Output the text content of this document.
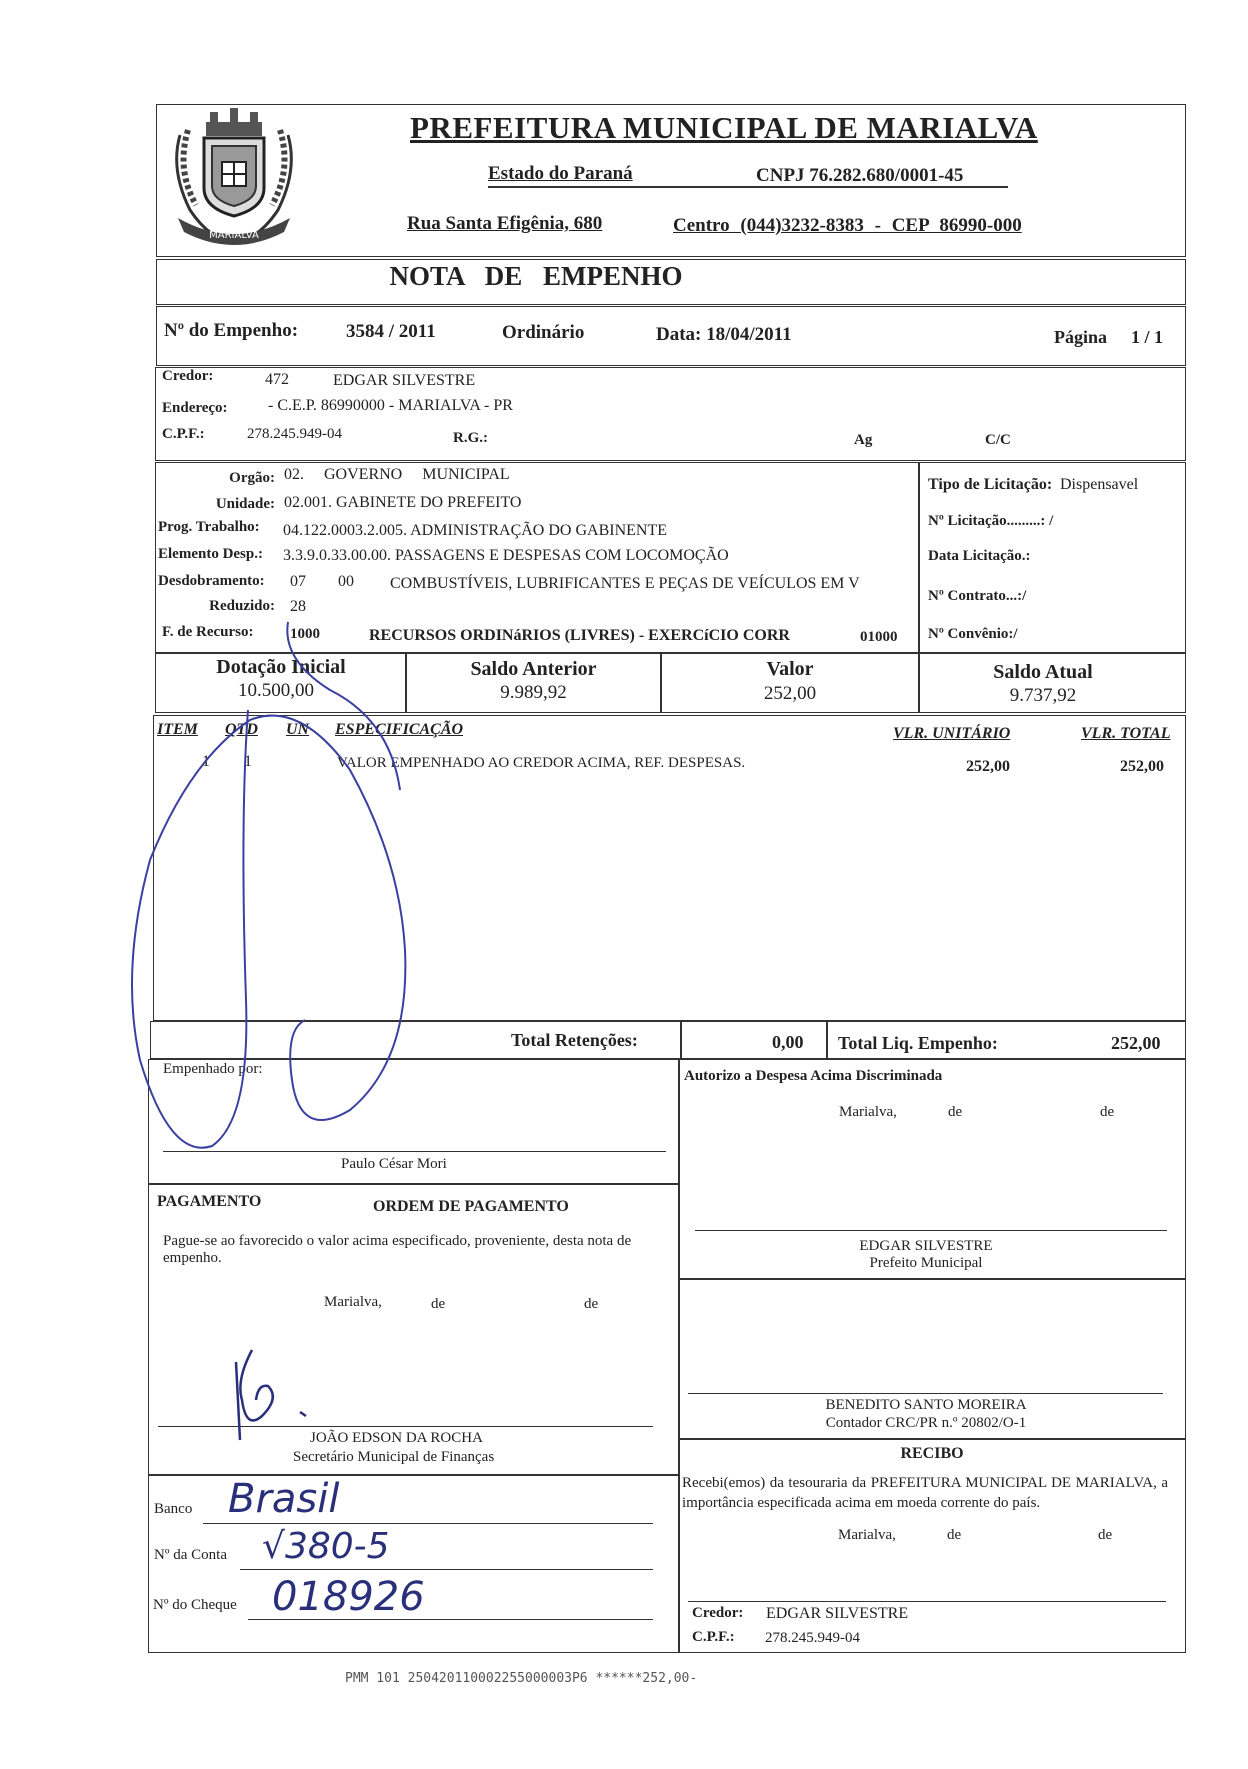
MARIALVA
PREFEITURA MUNICIPAL DE MARIALVA
Estado do Paraná	CNPJ 76.282.680/0001-45
Rua Santa Efigênia, 680	Centro (044)3232-8383 - CEP 86990-000
NOTA DE EMPENHO
Nº do Empenho:	3584 / 2011	Ordinário	Data: 18/04/2011	Página 1 / 1
Credor:	472	EDGAR SILVESTRE
Endereço:	- C.E.P. 86990000 - MARIALVA - PR
C.P.F.:	278.245.949-04	R.G.:	Ag	C/C
Orgão: 02. GOVERNO MUNICIPAL
Unidade: 02.001. GABINETE DO PREFEITO
Prog. Trabalho: 04.122.0003.2.005. ADMINISTRAÇÃO DO GABINENTE
Elemento Desp.: 3.3.9.0.33.00.00. PASSAGENS E DESPESAS COM LOCOMOÇÃO
Desdobramento: 07 00 COMBUSTÍVEIS, LUBRIFICANTES E PEÇAS DE VEÍCULOS EM V
Reduzido: 28
F. de Recurso: 1000	RECURSOS ORDINáRIOS (LIVRES) - EXERCíCIO CORR	01000
Tipo de Licitação: Dispensavel
Nº Licitação.........: /
Data Licitação.:
Nº Contrato...:/
Nº Convênio:/
Dotação Inicial
10.500,00
Saldo Anterior
9.989,92
Valor
252,00
Saldo Atual
9.737,92
ITEM QTD UN ESPECIFICAÇÃO	VLR. UNITÁRIO	VLR. TOTAL
1 1	VALOR EMPENHADO AO CREDOR ACIMA, REF. DESPESAS.	252,00	252,00
Total Retenções:	0,00 Total Liq. Empenho:	252,00
Empenhado por:
Paulo César Mori
Autorizo a Despesa Acima Discriminada
Marialva,	de	de
EDGAR SILVESTRE
Prefeito Municipal
PAGAMENTO	ORDEM DE PAGAMENTO
Pague-se ao favorecido o valor acima especificado, proveniente, desta nota de empenho.
Marialva,	de	de
JOÃO EDSON DA ROCHA
Secretário Municipal de Finanças
BENEDITO SANTO MOREIRA
Contador CRC/PR n.º 20802/O-1
RECIBO
Recebi(emos) da tesouraria da PREFEITURA MUNICIPAL DE MARIALVA, a importância especificada acima em moeda corrente do país.
Marialva,	de	de
Credor: EDGAR SILVESTRE
C.P.F.: 278.245.949-04
Banco Brasil
Nº da Conta √380-5
Nº do Cheque 018926
PMM 101 250420110002255000003P6 ******252,00-
